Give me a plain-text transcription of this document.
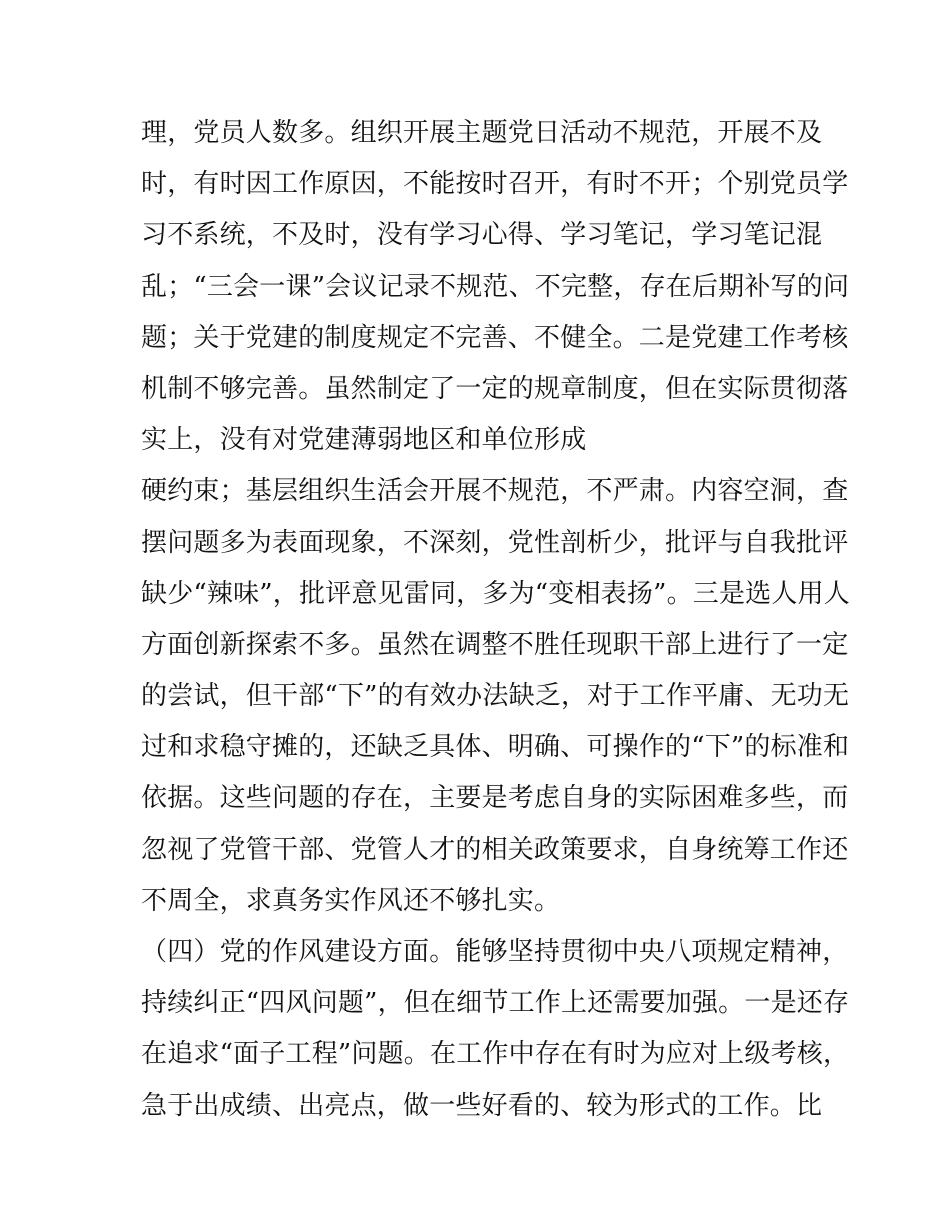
理，党员人数多。组织开展主题党日活动不规范，开展不及
时，有时因工作原因，不能按时召开，有时不开；个别党员学
习不系统，不及时，没有学习心得、学习笔记，学习笔记混
乱；“三会一课”会议记录不规范、不完整，存在后期补写的问
题；关于党建的制度规定不完善、不健全。二是党建工作考核
机制不够完善。虽然制定了一定的规章制度，但在实际贯彻落
实上，没有对党建薄弱地区和单位形成
硬约束；基层组织生活会开展不规范，不严肃。内容空洞，查
摆问题多为表面现象，不深刻，党性剖析少，批评与自我批评
缺少“辣味”，批评意见雷同，多为“变相表扬”。三是选人用人
方面创新探索不多。虽然在调整不胜任现职干部上进行了一定
的尝试，但干部“下”的有效办法缺乏，对于工作平庸、无功无
过和求稳守摊的，还缺乏具体、明确、可操作的“下”的标准和
依据。这些问题的存在，主要是考虑自身的实际困难多些，而
忽视了党管干部、党管人才的相关政策要求，自身统筹工作还
不周全，求真务实作风还不够扎实。
（四）党的作风建设方面。能够坚持贯彻中央八项规定精神，
持续纠正“四风问题”，但在细节工作上还需要加强。一是还存
在追求“面子工程”问题。在工作中存在有时为应对上级考核，
急于出成绩、出亮点，做一些好看的、较为形式的工作。比
